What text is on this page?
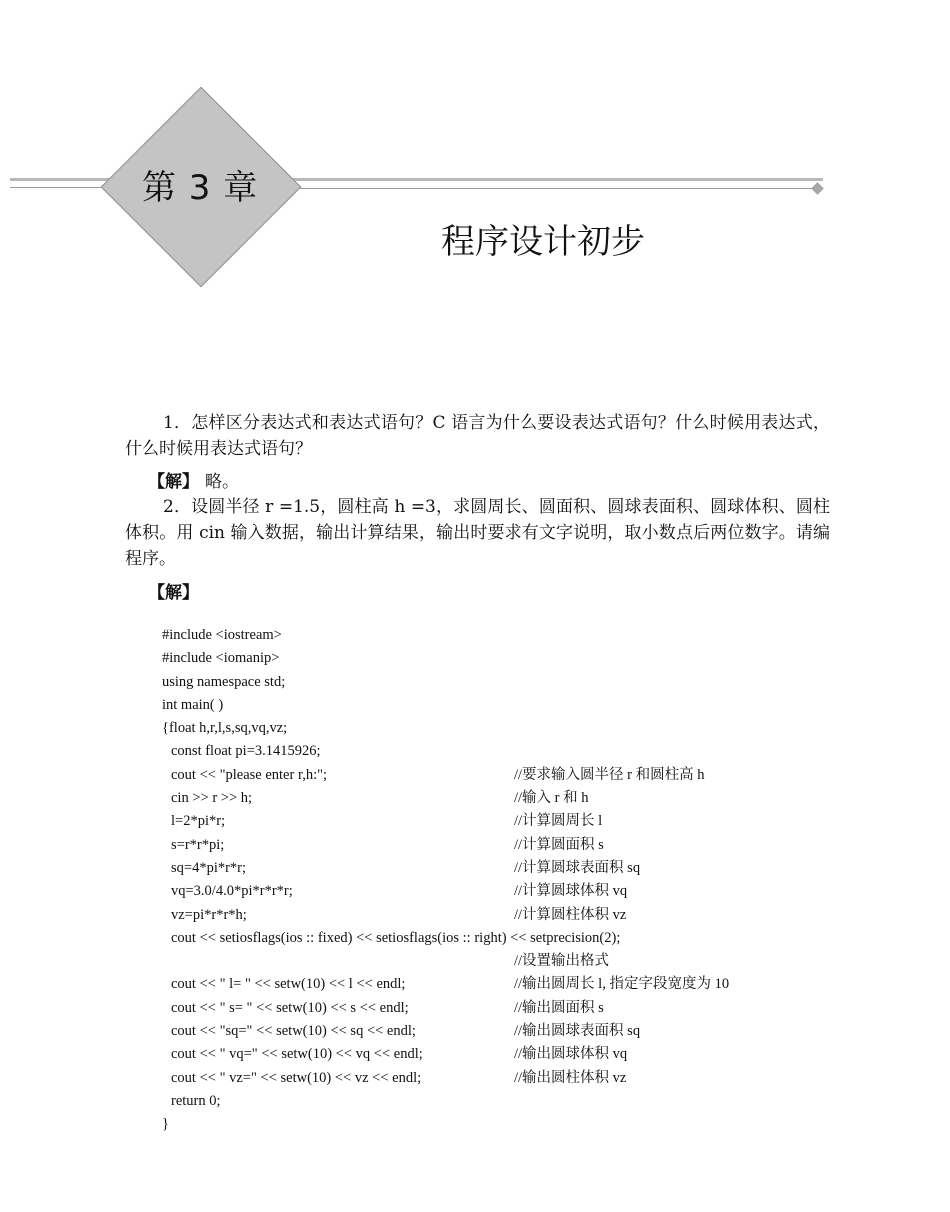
第 3 章
程序设计初步
1．怎样区分表达式和表达式语句？C 语言为什么要设表达式语句？什么时候用表达式，什么时候用表达式语句？
【解】 略。
2．设圆半径 r =1.5，圆柱高 h =3，求圆周长、圆面积、圆球表面积、圆球体积、圆柱体积。用 cin 输入数据，输出计算结果，输出时要求有文字说明，取小数点后两位数字。请编程序。
【解】
#include <iostream>
#include <iomanip>
using namespace std;
int main( )
{float h,r,l,s,sq,vq,vz;
const float pi=3.1415926;
cout << "please enter r,h:";	//要求输入圆半径 r 和圆柱高 h
cin >> r >> h;	//输入 r 和 h
l=2*pi*r;	//计算圆周长 l
s=r*r*pi;	//计算圆面积 s
sq=4*pi*r*r;	//计算圆球表面积 sq
vq=3.0/4.0*pi*r*r*r;	//计算圆球体积 vq
vz=pi*r*r*h;	//计算圆柱体积 vz
cout << setiosflags(ios :: fixed) << setiosflags(ios :: right) << setprecision(2);
//设置输出格式
cout << " l= " << setw(10) << l << endl;	//输出圆周长 l, 指定字段宽度为 10
cout << " s= " << setw(10) << s << endl;	//输出圆面积 s
cout << "sq=" << setw(10) << sq << endl;	//输出圆球表面积 sq
cout << " vq=" << setw(10) << vq << endl;	//输出圆球体积 vq
cout << " vz=" << setw(10) << vz << endl;	//输出圆柱体积 vz
return 0;
}
